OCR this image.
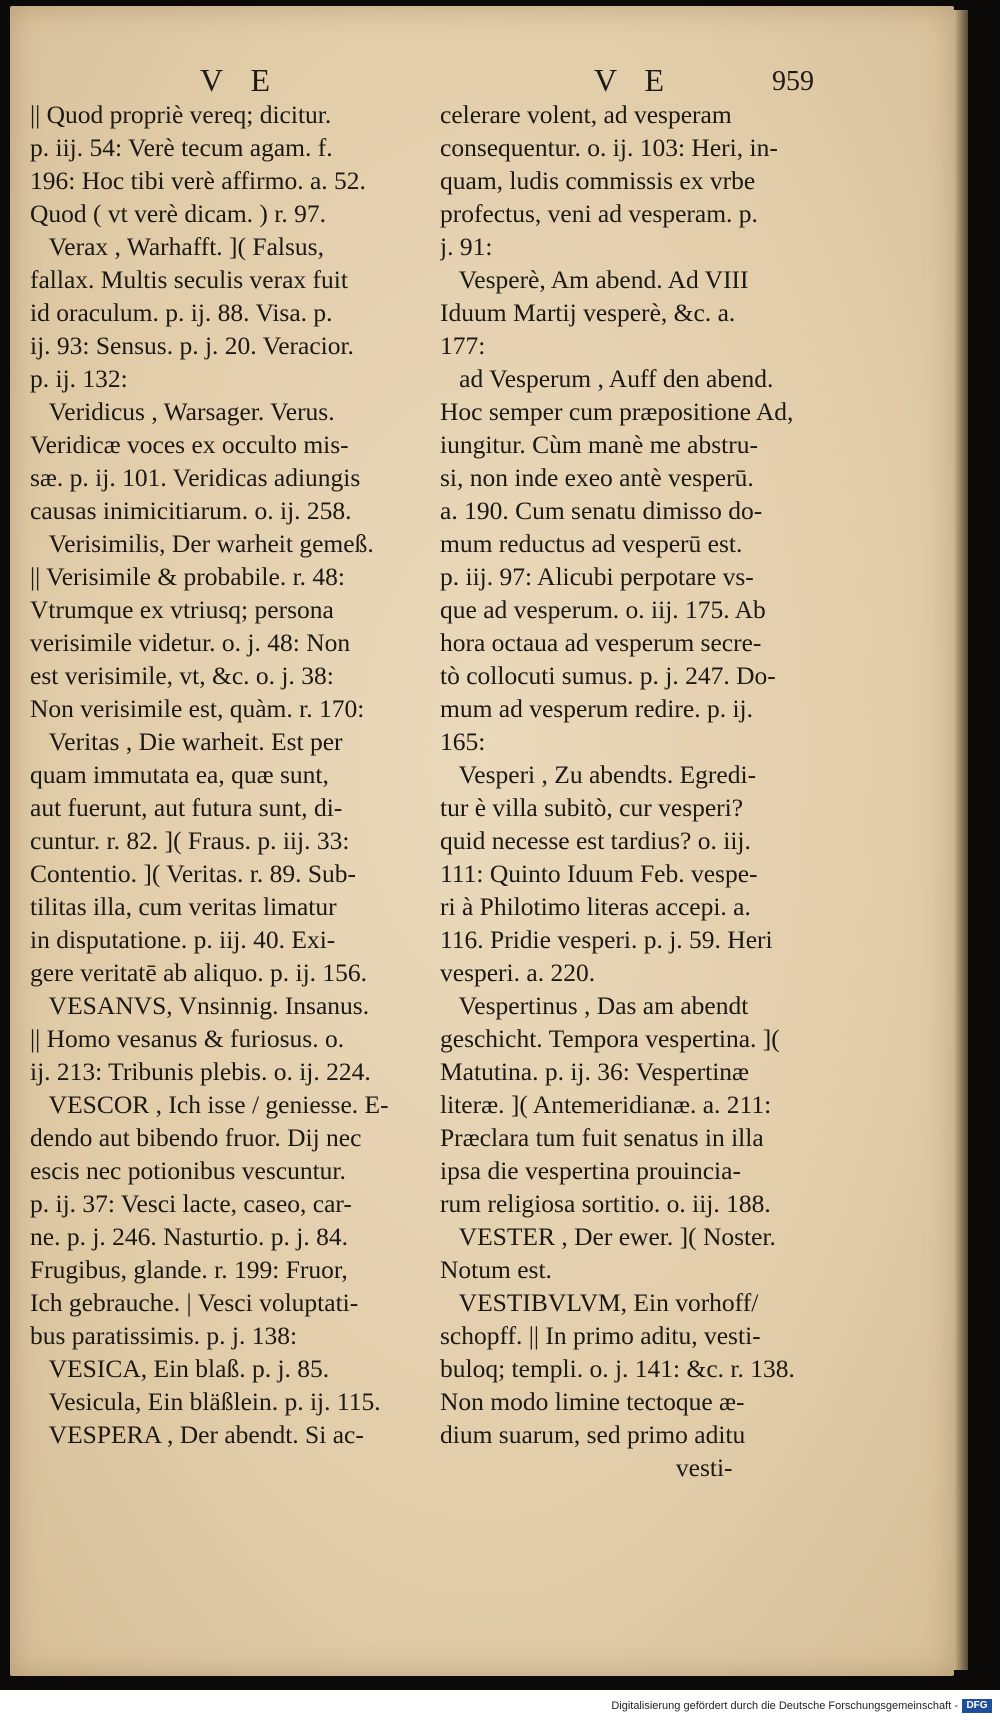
V E	V E	959
|| Quod propriè vereq; dicitur.
p. iij. 54: Verè tecum agam. f.
196: Hoc tibi verè affirmo. a. 52.
Quod ( vt verè dicam. ) r. 97.
Verax , Warhafft. ]( Falsus,
fallax. Multis seculis verax fuit
id oraculum. p. ij. 88. Visa. p.
ij. 93: Sensus. p. j. 20. Veracior.
p. ij. 132:
Veridicus , Warsager. Verus.
Veridicæ voces ex occulto mis-
sæ. p. ij. 101. Veridicas adiungis
causas inimicitiarum. o. ij. 258.
Verisimilis, Der warheit gemeß.
|| Verisimile & probabile. r. 48:
Vtrumque ex vtriusq; persona
verisimile videtur. o. j. 48: Non
est verisimile, vt, &c. o. j. 38:
Non verisimile est, quàm. r. 170:
Veritas , Die warheit. Est per
quam immutata ea, quæ sunt,
aut fuerunt, aut futura sunt, di-
cuntur. r. 82. ]( Fraus. p. iij. 33:
Contentio. ]( Veritas. r. 89. Sub-
tilitas illa, cum veritas limatur
in disputatione. p. iij. 40. Exi-
gere veritatē ab aliquo. p. ij. 156.
VESANVS, Vnsinnig. Insanus.
|| Homo vesanus & furiosus. o.
ij. 213: Tribunis plebis. o. ij. 224.
VESCOR , Ich isse / geniesse. E-
dendo aut bibendo fruor. Dij nec
escis nec potionibus vescuntur.
p. ij. 37: Vesci lacte, caseo, car-
ne. p. j. 246. Nasturtio. p. j. 84.
Frugibus, glande. r. 199: Fruor,
Ich gebrauche. | Vesci voluptati-
bus paratissimis. p. j. 138:
VESICA, Ein blaß. p. j. 85.
Vesicula, Ein bläßlein. p. ij. 115.
VESPERA , Der abendt. Si ac-
celerare volent, ad vesperam
consequentur. o. ij. 103: Heri, in-
quam, ludis commissis ex vrbe
profectus, veni ad vesperam. p.
j. 91:
Vesperè, Am abend. Ad VIII
Iduum Martij vesperè, &c. a.
177:
ad Vesperum , Auff den abend.
Hoc semper cum præpositione Ad,
iungitur. Cùm manè me abstru-
si, non inde exeo antè vesperū.
a. 190. Cum senatu dimisso do-
mum reductus ad vesperū est.
p. iij. 97: Alicubi perpotare vs-
que ad vesperum. o. iij. 175. Ab
hora octaua ad vesperum secre-
tò collocuti sumus. p. j. 247. Do-
mum ad vesperum redire. p. ij.
165:
Vesperi , Zu abendts. Egredi-
tur è villa subitò, cur vesperi?
quid necesse est tardius? o. iij.
111: Quinto Iduum Feb. vespe-
ri à Philotimo literas accepi. a.
116. Pridie vesperi. p. j. 59. Heri
vesperi. a. 220.
Vespertinus , Das am abendt
geschicht. Tempora vespertina. ](
Matutina. p. ij. 36: Vespertinæ
literæ. ]( Antemeridianæ. a. 211:
Præclara tum fuit senatus in illa
ipsa die vespertina prouincia-
rum religiosa sortitio. o. iij. 188.
VESTER , Der ewer. ]( Noster.
Notum est.
VESTIBVLVM, Ein vorhoff/
schopff. || In primo aditu, vesti-
buloq; templi. o. j. 141: &c. r. 138.
Non modo limine tectoque æ-
dium suarum, sed primo aditu
vesti-
Digitalisierung gefördert durch die Deutsche Forschungsgemeinschaft - DFG
